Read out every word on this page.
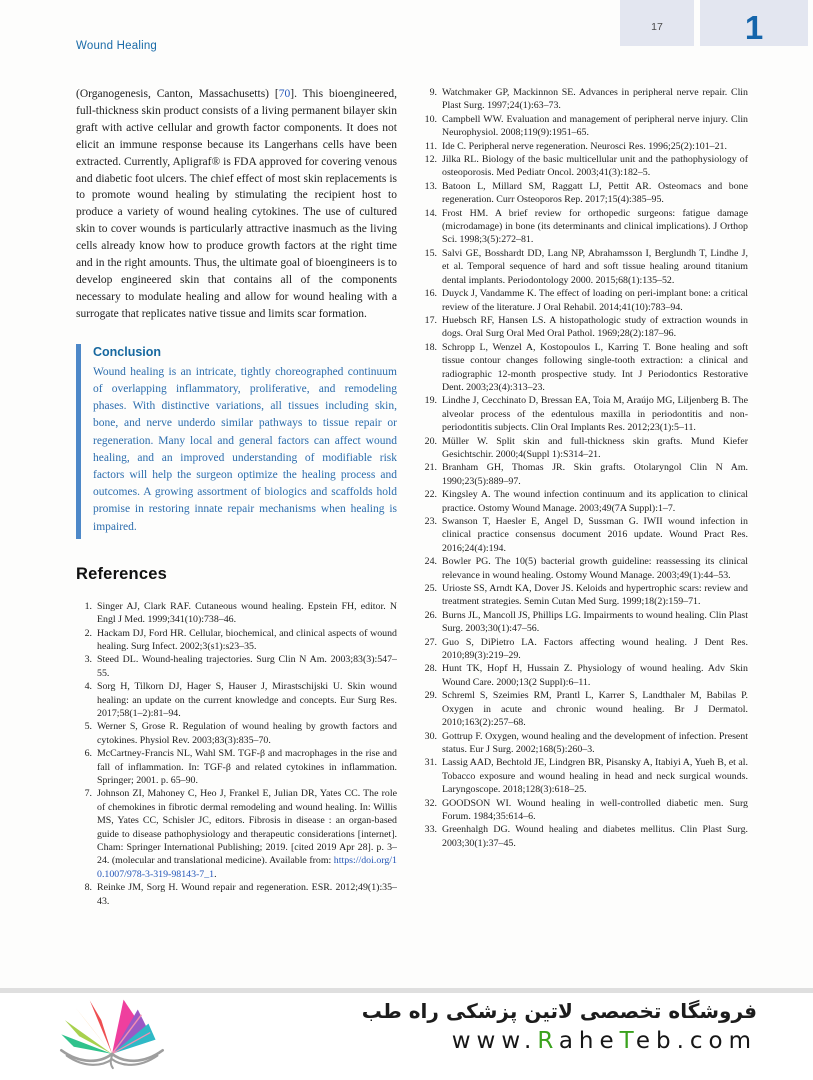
Wound Healing
17 1

(Organogenesis, Canton, Massachusetts) [70]. This bioengineered, full-thickness skin product consists of a living permanent bilayer skin graft with active cellular and growth factor components. It does not elicit an immune response because its Langerhans cells have been extracted. Currently, Apligraf® is FDA approved for covering venous and diabetic foot ulcers. The chief effect of most skin replacements is to promote wound healing by stimulating the recipient host to produce a variety of wound healing cytokines. The use of cultured skin to cover wounds is particularly attractive inasmuch as the living cells already know how to produce growth factors at the right time and in the right amounts. Thus, the ultimate goal of bioengineers is to develop engineered skin that contains all of the components necessary to modulate healing and allow for wound healing with a surrogate that replicates native tissue and limits scar formation.

Conclusion
Wound healing is an intricate, tightly choreographed continuum of overlapping inflammatory, proliferative, and remodeling phases. With distinctive variations, all tissues including skin, bone, and nerve underdo similar pathways to tissue repair or regeneration. Many local and general factors can affect wound healing, and an improved understanding of modifiable risk factors will help the surgeon optimize the healing process and outcomes. A growing assortment of biologics and scaffolds hold promise in restoring innate repair mechanisms when healing is impaired.
References
1. Singer AJ, Clark RAF. Cutaneous wound healing. Epstein FH, editor. N Engl J Med. 1999;341(10):738–46.
2. Hackam DJ, Ford HR. Cellular, biochemical, and clinical aspects of wound healing. Surg Infect. 2002;3(s1):s23–35.
3. Steed DL. Wound-healing trajectories. Surg Clin N Am. 2003;83(3):547–55.
4. Sorg H, Tilkorn DJ, Hager S, Hauser J, Mirastschijski U. Skin wound healing: an update on the current knowledge and concepts. Eur Surg Res. 2017;58(1–2):81–94.
5. Werner S, Grose R. Regulation of wound healing by growth factors and cytokines. Physiol Rev. 2003;83(3):835–70.
6. McCartney-Francis NL, Wahl SM. TGF-β and macrophages in the rise and fall of inflammation. In: TGF-β and related cytokines in inflammation. Springer; 2001. p. 65–90.
7. Johnson ZI, Mahoney C, Heo J, Frankel E, Julian DR, Yates CC. The role of chemokines in fibrotic dermal remodeling and wound healing. In: Willis MS, Yates CC, Schisler JC, editors. Fibrosis in disease : an organ-based guide to disease pathophysiology and therapeutic considerations [internet]. Cham: Springer International Publishing; 2019. [cited 2019 Apr 28]. p. 3–24. (molecular and translational medicine). Available from: https://doi.org/10.1007/978-3-319-98143-7_1.
8. Reinke JM, Sorg H. Wound repair and regeneration. ESR. 2012;49(1):35–43.
9. Watchmaker GP, Mackinnon SE. Advances in peripheral nerve repair. Clin Plast Surg. 1997;24(1):63–73.
10. Campbell WW. Evaluation and management of peripheral nerve injury. Clin Neurophysiol. 2008;119(9):1951–65.
11. Ide C. Peripheral nerve regeneration. Neurosci Res. 1996;25(2):101–21.
12. Jilka RL. Biology of the basic multicellular unit and the pathophysiology of osteoporosis. Med Pediatr Oncol. 2003;41(3):182–5.
13. Batoon L, Millard SM, Raggatt LJ, Pettit AR. Osteomacs and bone regeneration. Curr Osteoporos Rep. 2017;15(4):385–95.
14. Frost HM. A brief review for orthopedic surgeons: fatigue damage (microdamage) in bone (its determinants and clinical implications). J Orthop Sci. 1998;3(5):272–81.
15. Salvi GE, Bosshardt DD, Lang NP, Abrahamsson I, Berglundh T, Lindhe J, et al. Temporal sequence of hard and soft tissue healing around titanium dental implants. Periodontology 2000. 2015;68(1):135–52.
16. Duyck J, Vandamme K. The effect of loading on peri-implant bone: a critical review of the literature. J Oral Rehabil. 2014;41(10):783–94.
17. Huebsch RF, Hansen LS. A histopathologic study of extraction wounds in dogs. Oral Surg Oral Med Oral Pathol. 1969;28(2):187–96.
18. Schropp L, Wenzel A, Kostopoulos L, Karring T. Bone healing and soft tissue contour changes following single-tooth extraction: a clinical and radiographic 12-month prospective study. Int J Periodontics Restorative Dent. 2003;23(4):313–23.
19. Lindhe J, Cecchinato D, Bressan EA, Toia M, Araújo MG, Liljenberg B. The alveolar process of the edentulous maxilla in periodontitis and non-periodontitis subjects. Clin Oral Implants Res. 2012;23(1):5–11.
20. Müller W. Split skin and full-thickness skin grafts. Mund Kiefer Gesichtschir. 2000;4(Suppl 1):S314–21.
21. Branham GH, Thomas JR. Skin grafts. Otolaryngol Clin N Am. 1990;23(5):889–97.
22. Kingsley A. The wound infection continuum and its application to clinical practice. Ostomy Wound Manage. 2003;49(7A Suppl):1–7.
23. Swanson T, Haesler E, Angel D, Sussman G. IWII wound infection in clinical practice consensus document 2016 update. Wound Pract Res. 2016;24(4):194.
24. Bowler PG. The 10(5) bacterial growth guideline: reassessing its clinical relevance in wound healing. Ostomy Wound Manage. 2003;49(1):44–53.
25. Urioste SS, Arndt KA, Dover JS. Keloids and hypertrophic scars: review and treatment strategies. Semin Cutan Med Surg. 1999;18(2):159–71.
26. Burns JL, Mancoll JS, Phillips LG. Impairments to wound healing. Clin Plast Surg. 2003;30(1):47–56.
27. Guo S, DiPietro LA. Factors affecting wound healing. J Dent Res. 2010;89(3):219–29.
28. Hunt TK, Hopf H, Hussain Z. Physiology of wound healing. Adv Skin Wound Care. 2000;13(2 Suppl):6–11.
29. Schreml S, Szeimies RM, Prantl L, Karrer S, Landthaler M, Babilas P. Oxygen in acute and chronic wound healing. Br J Dermatol. 2010;163(2):257–68.
30. Gottrup F. Oxygen, wound healing and the development of infection. Present status. Eur J Surg. 2002;168(5):260–3.
31. Lassig AAD, Bechtold JE, Lindgren BR, Pisansky A, Itabiyi A, Yueh B, et al. Tobacco exposure and wound healing in head and neck surgical wounds. Laryngoscope. 2018;128(3):618–25.
32. GOODSON WI. Wound healing in well-controlled diabetic men. Surg Forum. 1984;35:614–6.
33. Greenhalgh DG. Wound healing and diabetes mellitus. Clin Plast Surg. 2003;30(1):37–45.
فروشگاه تخصصی لاتین پزشکی راه طب
www.RaheTeb.com
